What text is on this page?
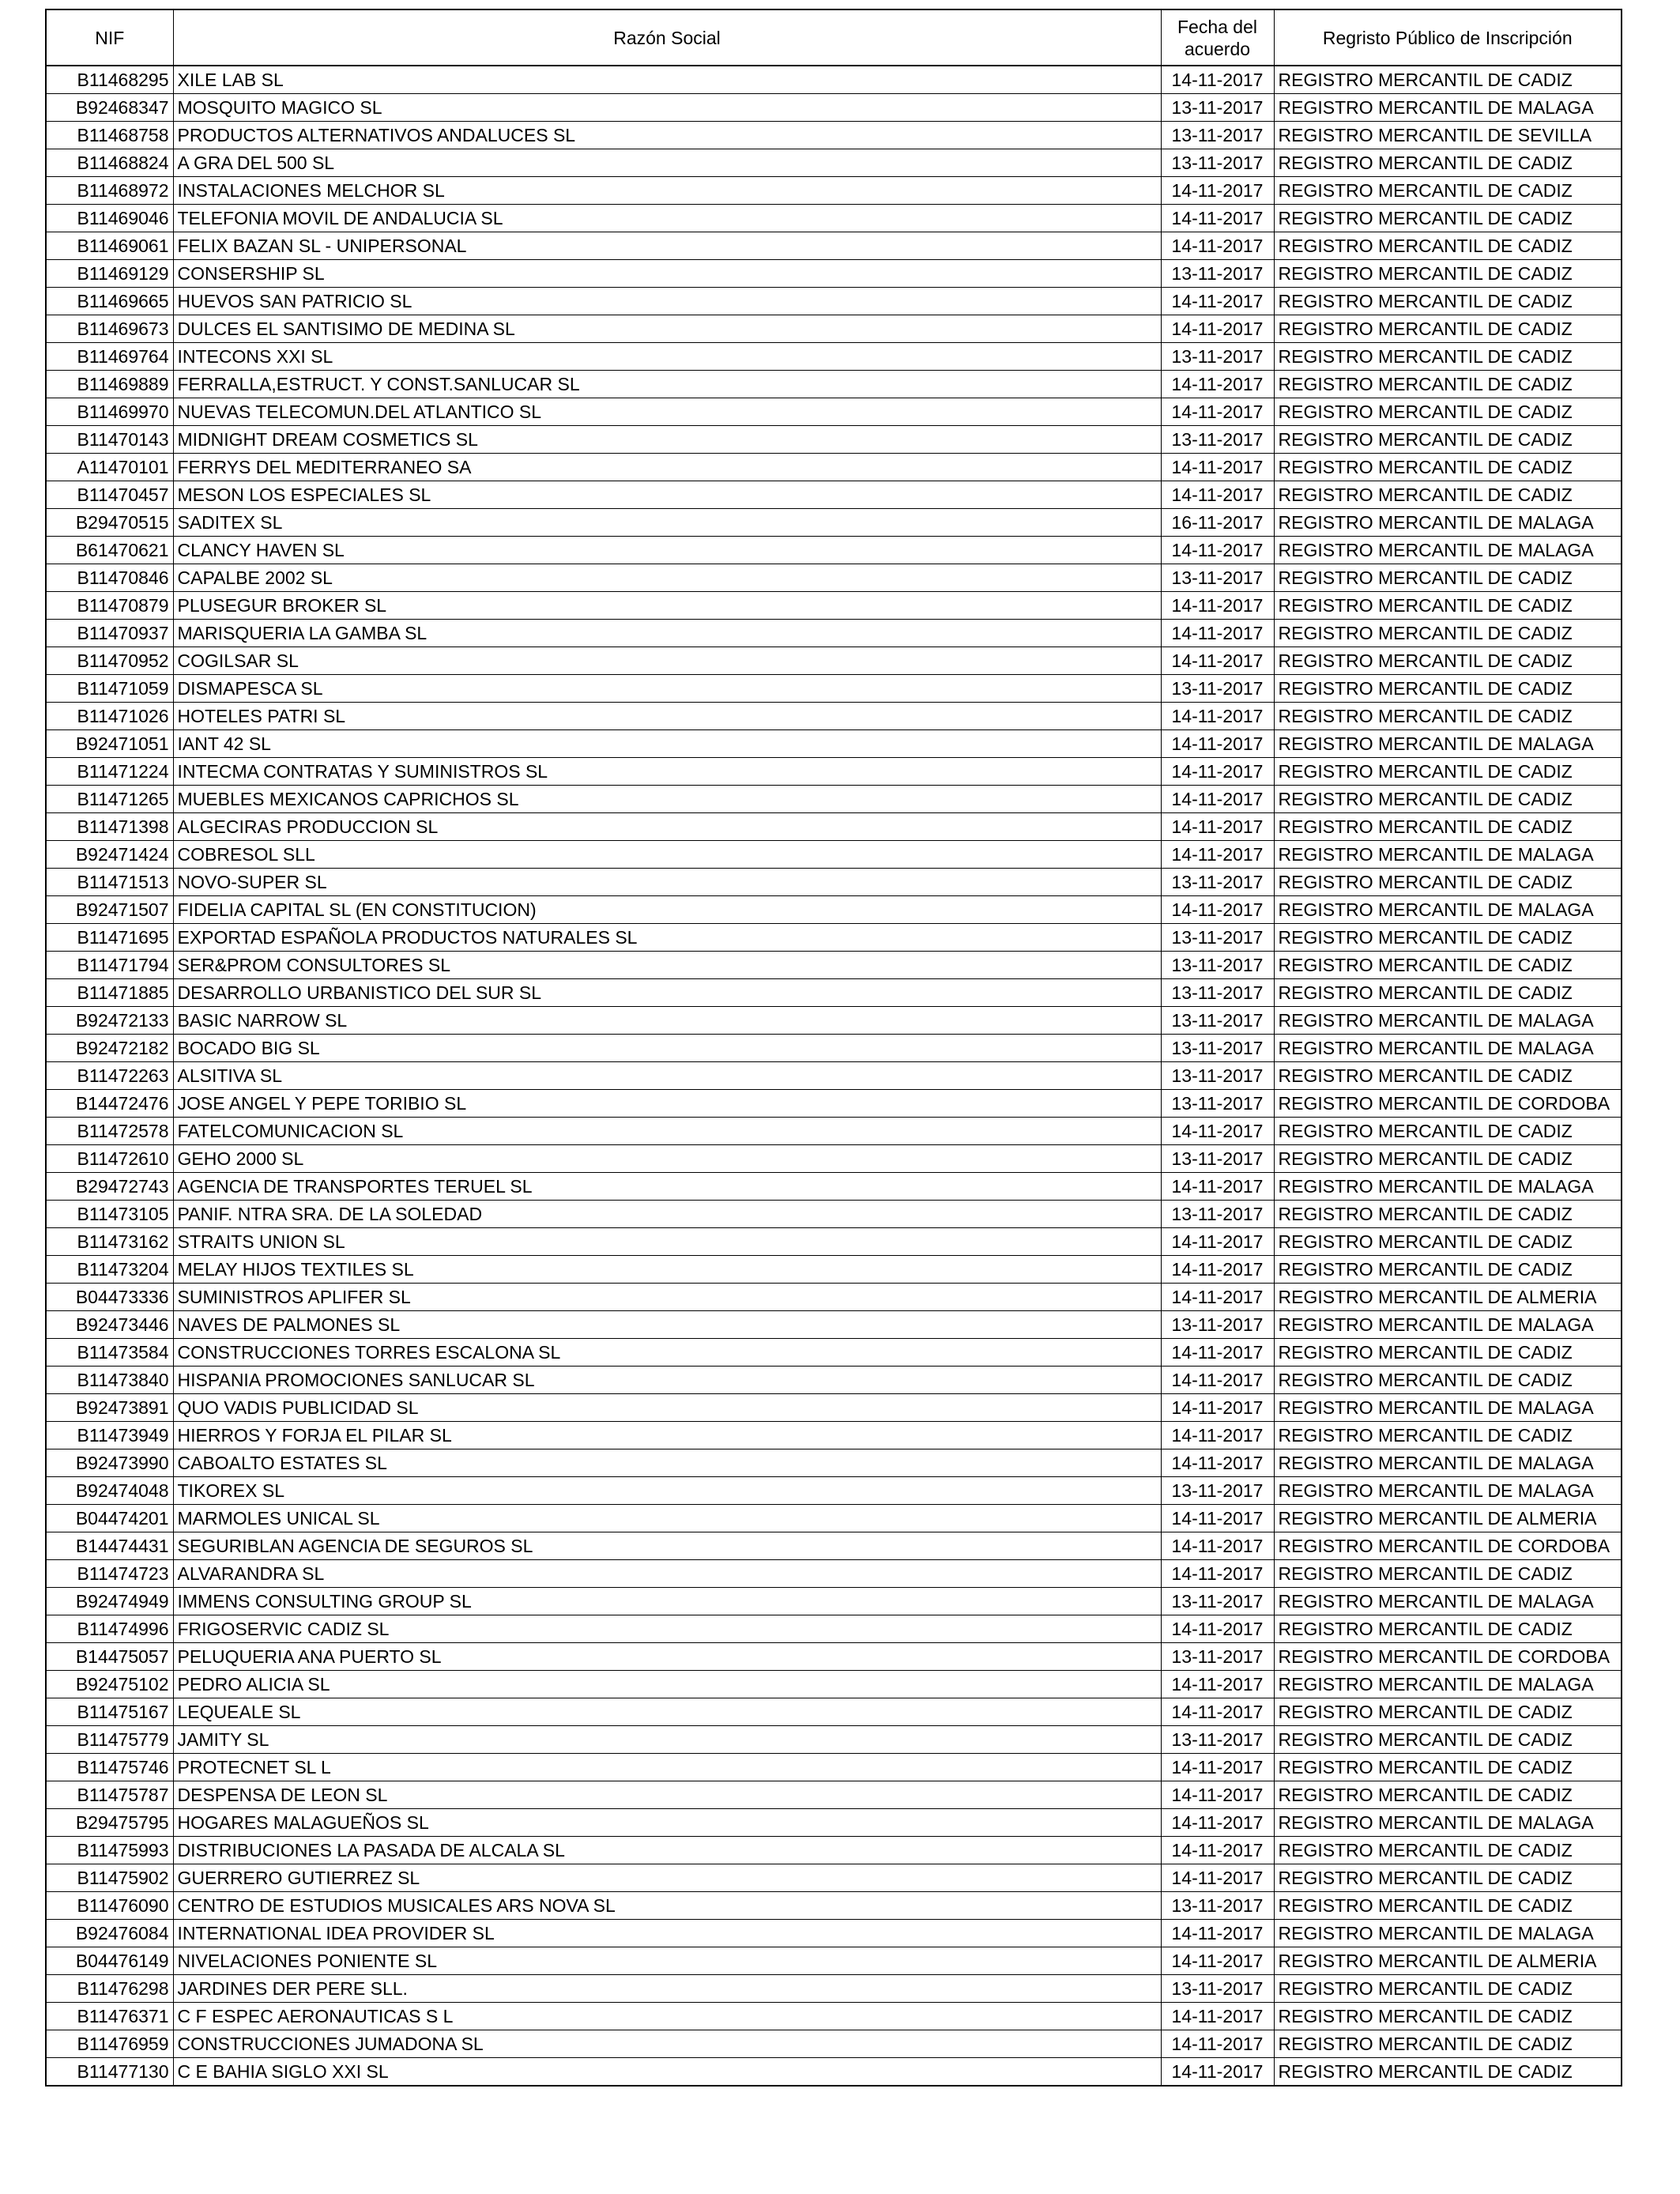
NIF	Razón Social	Fecha del acuerdo	Regristo Público de Inscripción
B11468295	XILE LAB SL	14-11-2017	REGISTRO MERCANTIL DE CADIZ
B92468347	MOSQUITO MAGICO SL	13-11-2017	REGISTRO MERCANTIL DE MALAGA
B11468758	PRODUCTOS ALTERNATIVOS ANDALUCES SL	13-11-2017	REGISTRO MERCANTIL DE SEVILLA
B11468824	A GRA DEL 500 SL	13-11-2017	REGISTRO MERCANTIL DE CADIZ
B11468972	INSTALACIONES MELCHOR SL	14-11-2017	REGISTRO MERCANTIL DE CADIZ
B11469046	TELEFONIA MOVIL DE ANDALUCIA SL	14-11-2017	REGISTRO MERCANTIL DE CADIZ
B11469061	FELIX BAZAN SL - UNIPERSONAL	14-11-2017	REGISTRO MERCANTIL DE CADIZ
B11469129	CONSERSHIP SL	13-11-2017	REGISTRO MERCANTIL DE CADIZ
B11469665	HUEVOS SAN PATRICIO SL	14-11-2017	REGISTRO MERCANTIL DE CADIZ
B11469673	DULCES EL SANTISIMO DE MEDINA SL	14-11-2017	REGISTRO MERCANTIL DE CADIZ
B11469764	INTECONS XXI SL	13-11-2017	REGISTRO MERCANTIL DE CADIZ
B11469889	FERRALLA,ESTRUCT. Y CONST.SANLUCAR SL	14-11-2017	REGISTRO MERCANTIL DE CADIZ
B11469970	NUEVAS TELECOMUN.DEL ATLANTICO SL	14-11-2017	REGISTRO MERCANTIL DE CADIZ
B11470143	MIDNIGHT DREAM COSMETICS SL	13-11-2017	REGISTRO MERCANTIL DE CADIZ
A11470101	FERRYS DEL MEDITERRANEO SA	14-11-2017	REGISTRO MERCANTIL DE CADIZ
B11470457	MESON LOS ESPECIALES SL	14-11-2017	REGISTRO MERCANTIL DE CADIZ
B29470515	SADITEX SL	16-11-2017	REGISTRO MERCANTIL DE MALAGA
B61470621	CLANCY HAVEN SL	14-11-2017	REGISTRO MERCANTIL DE MALAGA
B11470846	CAPALBE 2002 SL	13-11-2017	REGISTRO MERCANTIL DE CADIZ
B11470879	PLUSEGUR BROKER SL	14-11-2017	REGISTRO MERCANTIL DE CADIZ
B11470937	MARISQUERIA LA GAMBA SL	14-11-2017	REGISTRO MERCANTIL DE CADIZ
B11470952	COGILSAR SL	14-11-2017	REGISTRO MERCANTIL DE CADIZ
B11471059	DISMAPESCA SL	13-11-2017	REGISTRO MERCANTIL DE CADIZ
B11471026	HOTELES PATRI SL	14-11-2017	REGISTRO MERCANTIL DE CADIZ
B92471051	IANT 42 SL	14-11-2017	REGISTRO MERCANTIL DE MALAGA
B11471224	INTECMA CONTRATAS Y SUMINISTROS SL	14-11-2017	REGISTRO MERCANTIL DE CADIZ
B11471265	MUEBLES MEXICANOS CAPRICHOS SL	14-11-2017	REGISTRO MERCANTIL DE CADIZ
B11471398	ALGECIRAS PRODUCCION SL	14-11-2017	REGISTRO MERCANTIL DE CADIZ
B92471424	COBRESOL SLL	14-11-2017	REGISTRO MERCANTIL DE MALAGA
B11471513	NOVO-SUPER SL	13-11-2017	REGISTRO MERCANTIL DE CADIZ
B92471507	FIDELIA CAPITAL SL (EN CONSTITUCION)	14-11-2017	REGISTRO MERCANTIL DE MALAGA
B11471695	EXPORTAD ESPAÑOLA PRODUCTOS NATURALES SL	13-11-2017	REGISTRO MERCANTIL DE CADIZ
B11471794	SER&PROM CONSULTORES SL	13-11-2017	REGISTRO MERCANTIL DE CADIZ
B11471885	DESARROLLO URBANISTICO DEL SUR SL	13-11-2017	REGISTRO MERCANTIL DE CADIZ
B92472133	BASIC NARROW SL	13-11-2017	REGISTRO MERCANTIL DE MALAGA
B92472182	BOCADO BIG SL	13-11-2017	REGISTRO MERCANTIL DE MALAGA
B11472263	ALSITIVA SL	13-11-2017	REGISTRO MERCANTIL DE CADIZ
B14472476	JOSE ANGEL Y PEPE TORIBIO SL	13-11-2017	REGISTRO MERCANTIL DE CORDOBA
B11472578	FATELCOMUNICACION SL	14-11-2017	REGISTRO MERCANTIL DE CADIZ
B11472610	GEHO 2000 SL	13-11-2017	REGISTRO MERCANTIL DE CADIZ
B29472743	AGENCIA DE TRANSPORTES TERUEL SL	14-11-2017	REGISTRO MERCANTIL DE MALAGA
B11473105	PANIF. NTRA SRA. DE LA SOLEDAD	13-11-2017	REGISTRO MERCANTIL DE CADIZ
B11473162	STRAITS UNION SL	14-11-2017	REGISTRO MERCANTIL DE CADIZ
B11473204	MELAY HIJOS TEXTILES SL	14-11-2017	REGISTRO MERCANTIL DE CADIZ
B04473336	SUMINISTROS APLIFER SL	14-11-2017	REGISTRO MERCANTIL DE ALMERIA
B92473446	NAVES DE PALMONES SL	13-11-2017	REGISTRO MERCANTIL DE MALAGA
B11473584	CONSTRUCCIONES TORRES ESCALONA SL	14-11-2017	REGISTRO MERCANTIL DE CADIZ
B11473840	HISPANIA PROMOCIONES SANLUCAR SL	14-11-2017	REGISTRO MERCANTIL DE CADIZ
B92473891	QUO VADIS PUBLICIDAD SL	14-11-2017	REGISTRO MERCANTIL DE MALAGA
B11473949	HIERROS Y FORJA EL PILAR SL	14-11-2017	REGISTRO MERCANTIL DE CADIZ
B92473990	CABOALTO ESTATES SL	14-11-2017	REGISTRO MERCANTIL DE MALAGA
B92474048	TIKOREX SL	13-11-2017	REGISTRO MERCANTIL DE MALAGA
B04474201	MARMOLES UNICAL SL	14-11-2017	REGISTRO MERCANTIL DE ALMERIA
B14474431	SEGURIBLAN AGENCIA DE SEGUROS SL	14-11-2017	REGISTRO MERCANTIL DE CORDOBA
B11474723	ALVARANDRA SL	14-11-2017	REGISTRO MERCANTIL DE CADIZ
B92474949	IMMENS CONSULTING GROUP SL	13-11-2017	REGISTRO MERCANTIL DE MALAGA
B11474996	FRIGOSERVIC CADIZ SL	14-11-2017	REGISTRO MERCANTIL DE CADIZ
B14475057	PELUQUERIA ANA PUERTO SL	13-11-2017	REGISTRO MERCANTIL DE CORDOBA
B92475102	PEDRO ALICIA SL	14-11-2017	REGISTRO MERCANTIL DE MALAGA
B11475167	LEQUEALE SL	14-11-2017	REGISTRO MERCANTIL DE CADIZ
B11475779	JAMITY SL	13-11-2017	REGISTRO MERCANTIL DE CADIZ
B11475746	PROTECNET SL L	14-11-2017	REGISTRO MERCANTIL DE CADIZ
B11475787	DESPENSA DE LEON SL	14-11-2017	REGISTRO MERCANTIL DE CADIZ
B29475795	HOGARES MALAGUEÑOS SL	14-11-2017	REGISTRO MERCANTIL DE MALAGA
B11475993	DISTRIBUCIONES LA PASADA DE ALCALA SL	14-11-2017	REGISTRO MERCANTIL DE CADIZ
B11475902	GUERRERO GUTIERREZ SL	14-11-2017	REGISTRO MERCANTIL DE CADIZ
B11476090	CENTRO DE ESTUDIOS MUSICALES ARS NOVA SL	13-11-2017	REGISTRO MERCANTIL DE CADIZ
B92476084	INTERNATIONAL IDEA PROVIDER SL	14-11-2017	REGISTRO MERCANTIL DE MALAGA
B04476149	NIVELACIONES PONIENTE SL	14-11-2017	REGISTRO MERCANTIL DE ALMERIA
B11476298	JARDINES DER PERE SLL.	13-11-2017	REGISTRO MERCANTIL DE CADIZ
B11476371	C F ESPEC AERONAUTICAS S L	14-11-2017	REGISTRO MERCANTIL DE CADIZ
B11476959	CONSTRUCCIONES JUMADONA SL	14-11-2017	REGISTRO MERCANTIL DE CADIZ
B11477130	C E BAHIA SIGLO XXI SL	14-11-2017	REGISTRO MERCANTIL DE CADIZ
